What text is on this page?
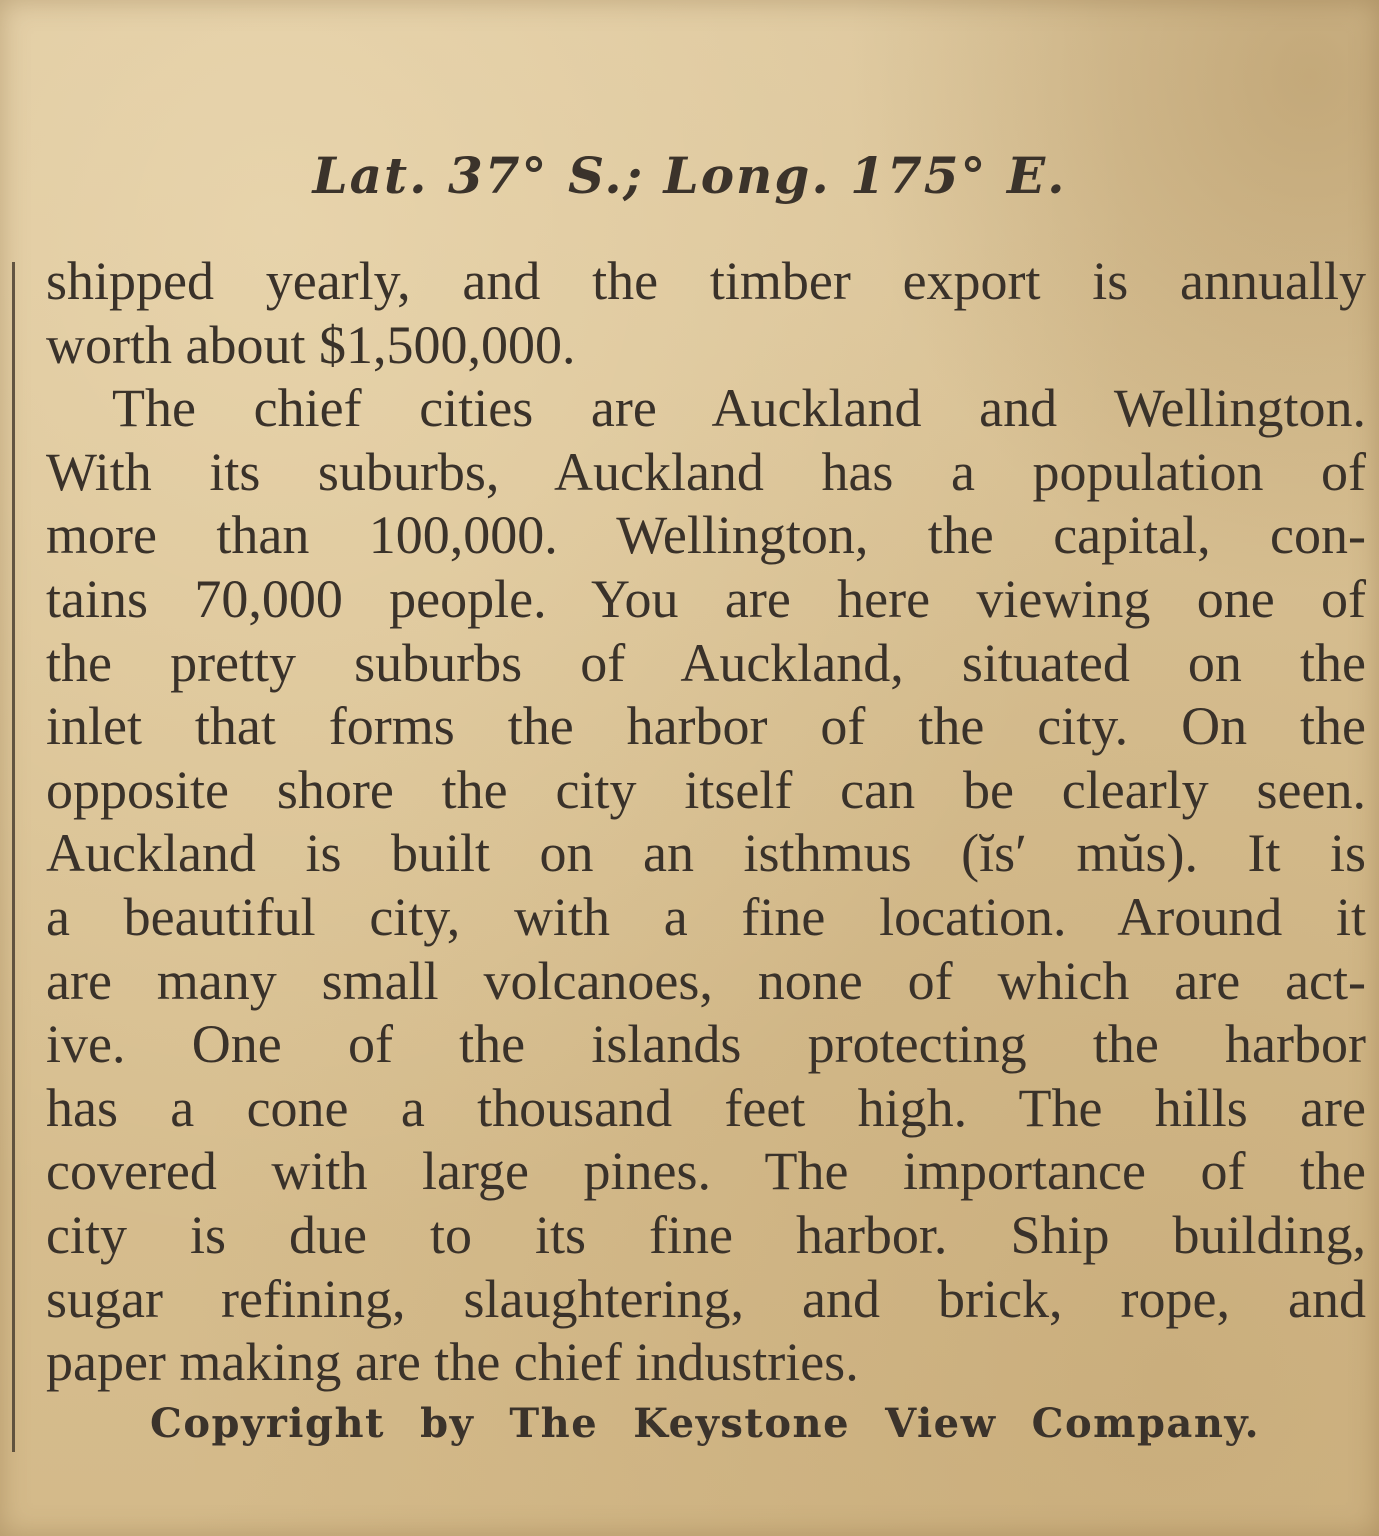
Lat. 37° S.; Long. 175° E.
shipped yearly, and the timber export is annually
worth about $1,500,000.
The chief cities are Auckland and Wellington.
With its suburbs, Auckland has a population of
more than 100,000. Wellington, the capital, con-
tains 70,000 people. You are here viewing one of
the pretty suburbs of Auckland, situated on the
inlet that forms the harbor of the city. On the
opposite shore the city itself can be clearly seen.
Auckland is built on an isthmus (ĭs′ mŭs). It is
a beautiful city, with a fine location. Around it
are many small volcanoes, none of which are act-
ive. One of the islands protecting the harbor
has a cone a thousand feet high. The hills are
covered with large pines. The importance of the
city is due to its fine harbor. Ship building,
sugar refining, slaughtering, and brick, rope, and
paper making are the chief industries.

Copyright by The Keystone View Company.
